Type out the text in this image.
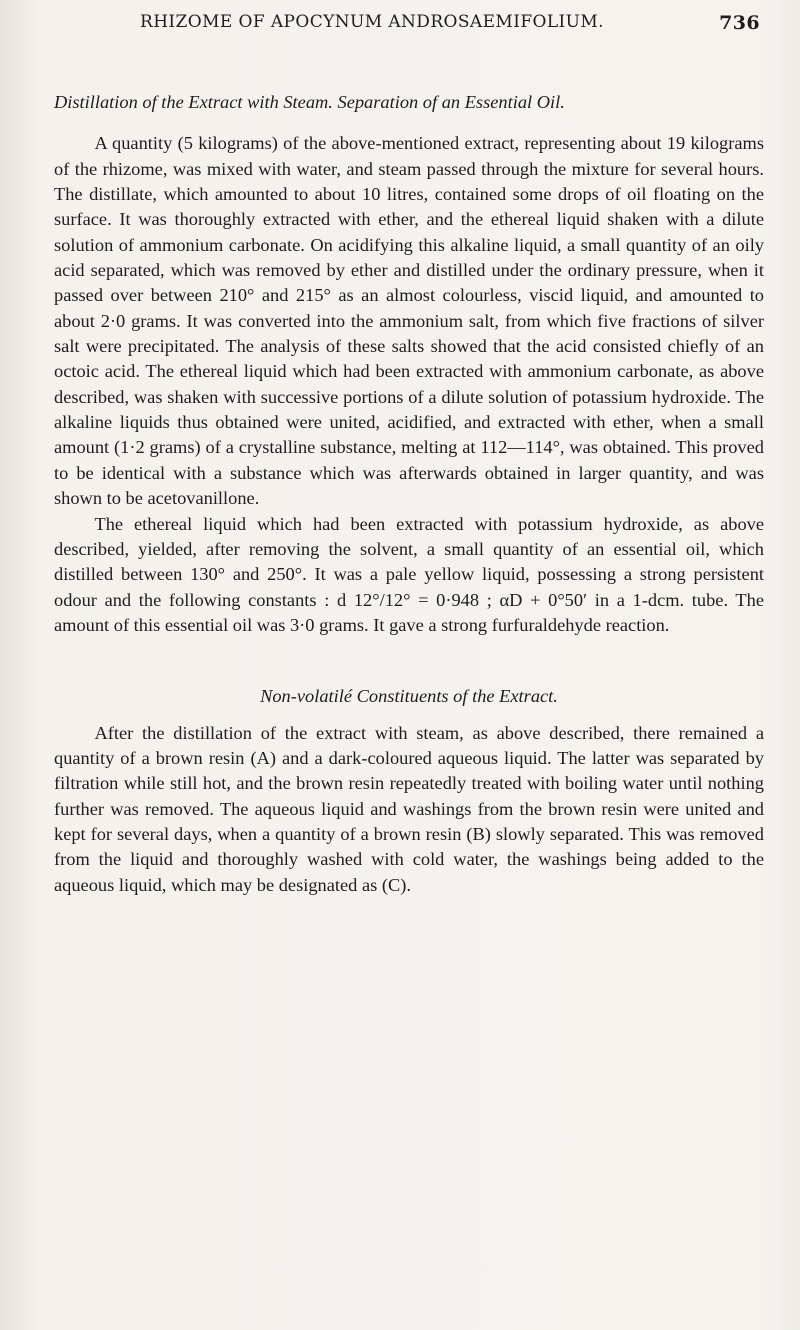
RHIZOME OF APOCYNUM ANDROSAEMIFOLIUM.	736

Distillation of the Extract with Steam. Separation of an Essential Oil.

A quantity (5 kilograms) of the above-mentioned extract, representing about 19 kilograms of the rhizome, was mixed with water, and steam passed through the mixture for several hours. The distillate, which amounted to about 10 litres, contained some drops of oil floating on the surface. It was thoroughly extracted with ether, and the ethereal liquid shaken with a dilute solution of ammonium carbonate. On acidifying this alkaline liquid, a small quantity of an oily acid separated, which was removed by ether and distilled under the ordinary pressure, when it passed over between 210° and 215° as an almost colourless, viscid liquid, and amounted to about 2·0 grams. It was converted into the ammonium salt, from which five fractions of silver salt were precipitated. The analysis of these salts showed that the acid consisted chiefly of an octoic acid. The ethereal liquid which had been extracted with ammonium carbonate, as above described, was shaken with successive portions of a dilute solution of potassium hydroxide. The alkaline liquids thus obtained were united, acidified, and extracted with ether, when a small amount (1·2 grams) of a crystalline substance, melting at 112—114°, was obtained. This proved to be identical with a substance which was afterwards obtained in larger quantity, and was shown to be acetovanillone.

The ethereal liquid which had been extracted with potassium hydroxide, as above described, yielded, after removing the solvent, a small quantity of an essential oil, which distilled between 130° and 250°. It was a pale yellow liquid, possessing a strong persistent odour and the following constants : d 12°/12° = 0·948 ; αD + 0°50′ in a 1-dcm. tube. The amount of this essential oil was 3·0 grams. It gave a strong furfuraldehyde reaction.

Non-volatilé Constituents of the Extract.

After the distillation of the extract with steam, as above described, there remained a quantity of a brown resin (A) and a dark-coloured aqueous liquid. The latter was separated by filtration while still hot, and the brown resin repeatedly treated with boiling water until nothing further was removed. The aqueous liquid and washings from the brown resin were united and kept for several days, when a quantity of a brown resin (B) slowly separated. This was removed from the liquid and thoroughly washed with cold water, the washings being added to the aqueous liquid, which may be designated as (C).
